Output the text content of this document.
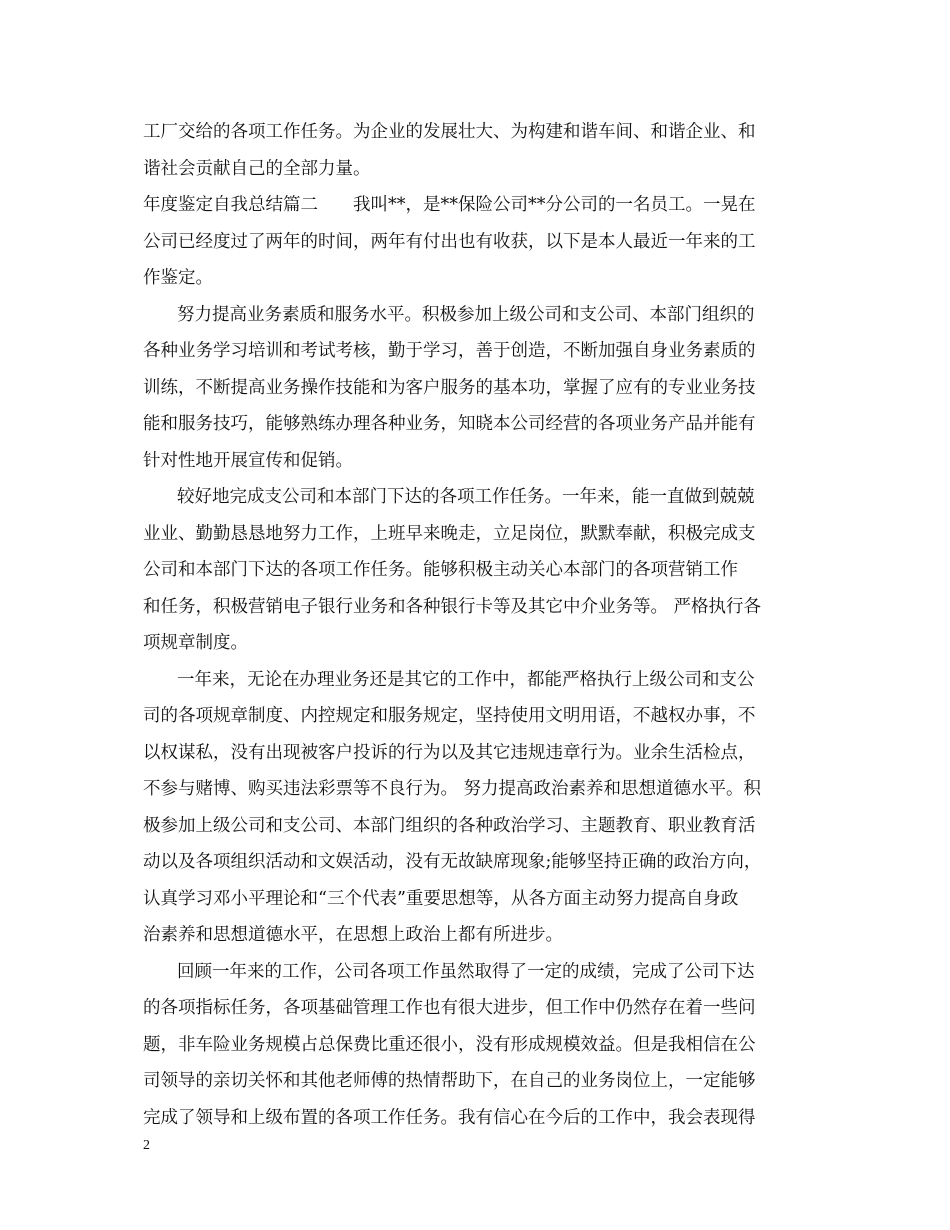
工厂交给的各项工作任务。为企业的发展壮大、为构建和谐车间、和谐企业、和
谐社会贡献自己的全部力量。
年度鉴定自我总结篇二　　我叫**，是**保险公司**分公司的一名员工。一晃在
公司已经度过了两年的时间，两年有付出也有收获，以下是本人最近一年来的工
作鉴定。
努力提高业务素质和服务水平。积极参加上级公司和支公司、本部门组织的
各种业务学习培训和考试考核，勤于学习，善于创造，不断加强自身业务素质的
训练，不断提高业务操作技能和为客户服务的基本功，掌握了应有的专业业务技
能和服务技巧，能够熟练办理各种业务，知晓本公司经营的各项业务产品并能有
针对性地开展宣传和促销。
较好地完成支公司和本部门下达的各项工作任务。一年来，能一直做到兢兢
业业、勤勤恳恳地努力工作，上班早来晚走，立足岗位，默默奉献，积极完成支
公司和本部门下达的各项工作任务。能够积极主动关心本部门的各项营销工作
和任务，积极营销电子银行业务和各种银行卡等及其它中介业务等。 严格执行各
项规章制度。
一年来，无论在办理业务还是其它的工作中，都能严格执行上级公司和支公
司的各项规章制度、内控规定和服务规定，坚持使用文明用语，不越权办事，不
以权谋私，没有出现被客户投诉的行为以及其它违规违章行为。业余生活检点，
不参与赌博、购买违法彩票等不良行为。 努力提高政治素养和思想道德水平。积
极参加上级公司和支公司、本部门组织的各种政治学习、主题教育、职业教育活
动以及各项组织活动和文娱活动，没有无故缺席现象;能够坚持正确的政治方向，
认真学习邓小平理论和“三个代表”重要思想等，从各方面主动努力提高自身政
治素养和思想道德水平，在思想上政治上都有所进步。
回顾一年来的工作，公司各项工作虽然取得了一定的成绩，完成了公司下达
的各项指标任务，各项基础管理工作也有很大进步，但工作中仍然存在着一些问
题，非车险业务规模占总保费比重还很小，没有形成规模效益。但是我相信在公
司领导的亲切关怀和其他老师傅的热情帮助下，在自己的业务岗位上，一定能够
完成了领导和上级布置的各项工作任务。我有信心在今后的工作中，我会表现得
2
